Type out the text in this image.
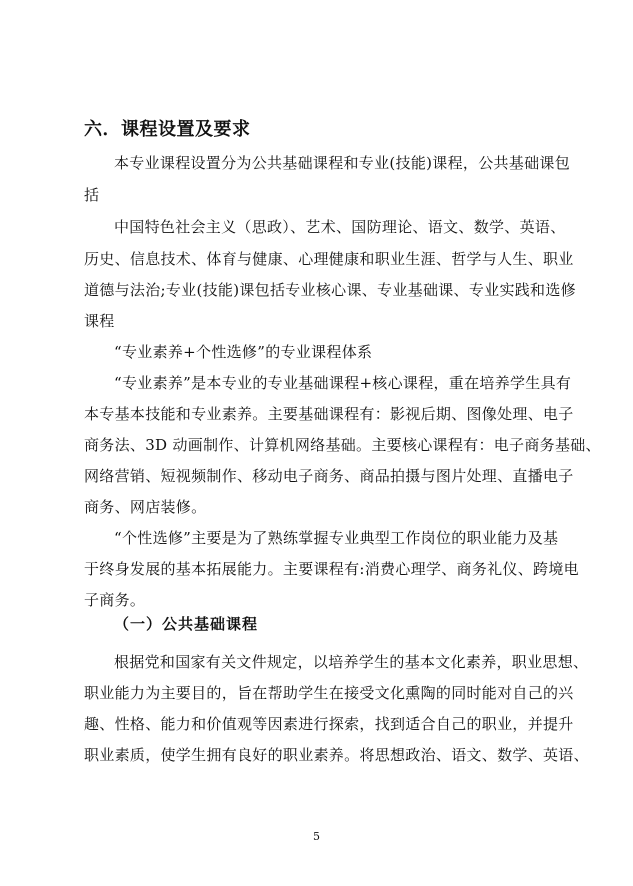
六．课程设置及要求
本专业课程设置分为公共基础课程和专业(技能)课程，公共基础课包
括
中国特色社会主义（思政）、艺术、国防理论、语文、数学、英语、
历史、信息技术、体育与健康、心理健康和职业生涯、哲学与人生、职业
道德与法治;专业(技能)课包括专业核心课、专业基础课、专业实践和选修
课程
“专业素养+个性选修”的专业课程体系
“专业素养”是本专业的专业基础课程+核心课程，重在培养学生具有
本专基本技能和专业素养。主要基础课程有：影视后期、图像处理、电子
商务法、3D 动画制作、计算机网络基础。主要核心课程有：电子商务基础、
网络营销、短视频制作、移动电子商务、商品拍摄与图片处理、直播电子
商务、网店装修。
“个性选修”主要是为了熟练掌握专业典型工作岗位的职业能力及基
于终身发展的基本拓展能力。主要课程有:消费心理学、商务礼仪、跨境电
子商务。
（一）公共基础课程
根据党和国家有关文件规定，以培养学生的基本文化素养，职业思想、
职业能力为主要目的，旨在帮助学生在接受文化熏陶的同时能对自己的兴
趣、性格、能力和价值观等因素进行探索，找到适合自己的职业，并提升
职业素质，使学生拥有良好的职业素养。将思想政治、语文、数学、英语、
5
